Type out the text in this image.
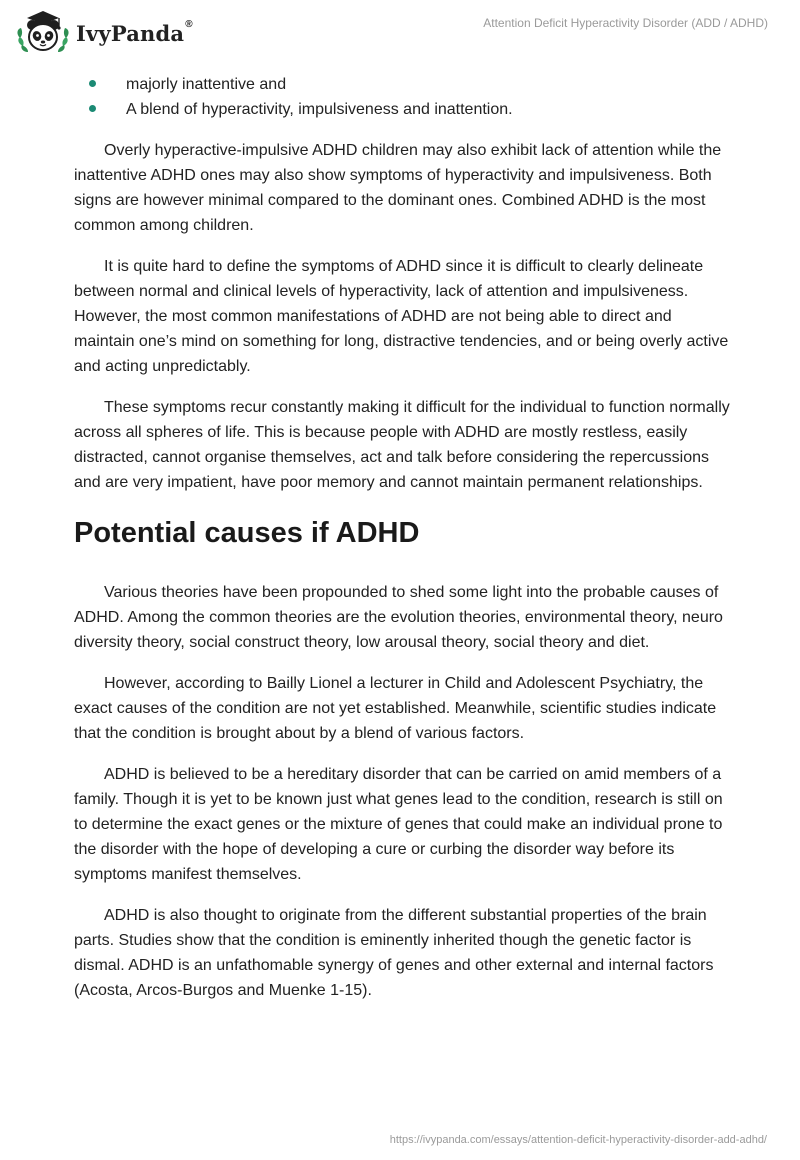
IvyPanda®	Attention Deficit Hyperactivity Disorder (ADD / ADHD)
majorly inattentive and
A blend of hyperactivity, impulsiveness and inattention.

Overly hyperactive-impulsive ADHD children may also exhibit lack of attention while the inattentive ADHD ones may also show symptoms of hyperactivity and impulsiveness. Both signs are however minimal compared to the dominant ones. Combined ADHD is the most common among children.

It is quite hard to define the symptoms of ADHD since it is difficult to clearly delineate between normal and clinical levels of hyperactivity, lack of attention and impulsiveness. However, the most common manifestations of ADHD are not being able to direct and maintain one’s mind on something for long, distractive tendencies, and or being overly active and acting unpredictably.

These symptoms recur constantly making it difficult for the individual to function normally across all spheres of life. This is because people with ADHD are mostly restless, easily distracted, cannot organise themselves, act and talk before considering the repercussions and are very impatient, have poor memory and cannot maintain permanent relationships.

Potential causes if ADHD

Various theories have been propounded to shed some light into the probable causes of ADHD. Among the common theories are the evolution theories, environmental theory, neuro diversity theory, social construct theory, low arousal theory, social theory and diet.

However, according to Bailly Lionel a lecturer in Child and Adolescent Psychiatry, the exact causes of the condition are not yet established. Meanwhile, scientific studies indicate that the condition is brought about by a blend of various factors.

ADHD is believed to be a hereditary disorder that can be carried on amid members of a family. Though it is yet to be known just what genes lead to the condition, research is still on to determine the exact genes or the mixture of genes that could make an individual prone to the disorder with the hope of developing a cure or curbing the disorder way before its symptoms manifest themselves.

ADHD is also thought to originate from the different substantial properties of the brain parts. Studies show that the condition is eminently inherited though the genetic factor is dismal. ADHD is an unfathomable synergy of genes and other external and internal factors (Acosta, Arcos-Burgos and Muenke 1-15).

https://ivypanda.com/essays/attention-deficit-hyperactivity-disorder-add-adhd/
